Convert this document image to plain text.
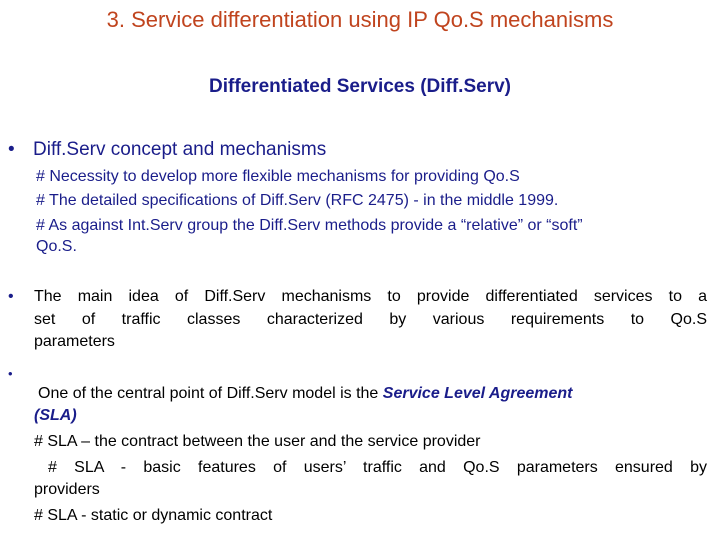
3. Service differentiation using IP Qo.S mechanisms
Differentiated Services (Diff.Serv)
• Diff.Serv concept and mechanisms
# Necessity to develop more flexible mechanisms for providing Qo.S
# The detailed specifications of Diff.Serv (RFC 2475) - in the middle 1999.
# As against Int.Serv group the Diff.Serv methods provide a “relative” or “soft”
Qo.S.
• The main idea of Diff.Serv mechanisms to provide differentiated services to a
set of traffic classes characterized by various requirements to Qo.S
parameters
•
One of the central point of Diff.Serv model is the Service Level Agreement
(SLA)
# SLA – the contract between the user and the service provider
# SLA - basic features of users’ traffic and Qo.S parameters ensured by
providers
# SLA - static or dynamic contract
